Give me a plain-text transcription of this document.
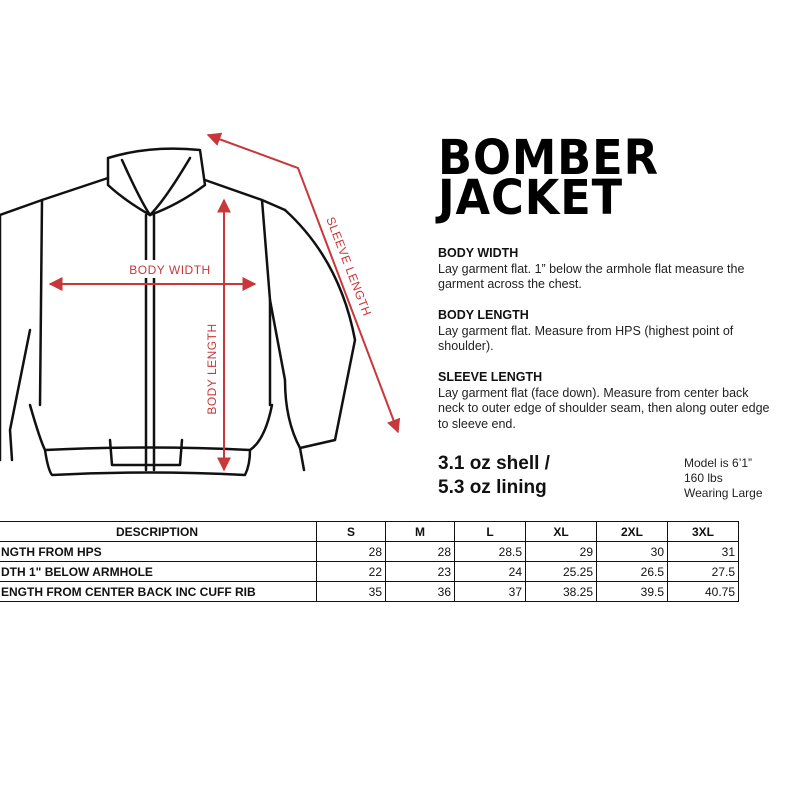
BODY WIDTH
BODY LENGTH
SLEEVE LENGTH
BOMBER
JACKET
BODY WIDTH
Lay garment flat. 1” below the armhole flat measure the garment across the chest.
BODY LENGTH
Lay garment flat. Measure from HPS (highest point of shoulder).
SLEEVE LENGTH
Lay garment flat (face down). Measure from center back neck to outer edge of shoulder seam, then along outer edge to sleeve end.
3.1 oz shell /
5.3 oz lining
Model is 6’1”
160 lbs
Wearing Large
DESCRIPTION	S	M	L	XL	2XL	3XL
NGTH FROM HPS	28	28	28.5	29	30	31
DTH 1" BELOW ARMHOLE	22	23	24	25.25	26.5	27.5
ENGTH FROM CENTER BACK INC CUFF RIB	35	36	37	38.25	39.5	40.75
